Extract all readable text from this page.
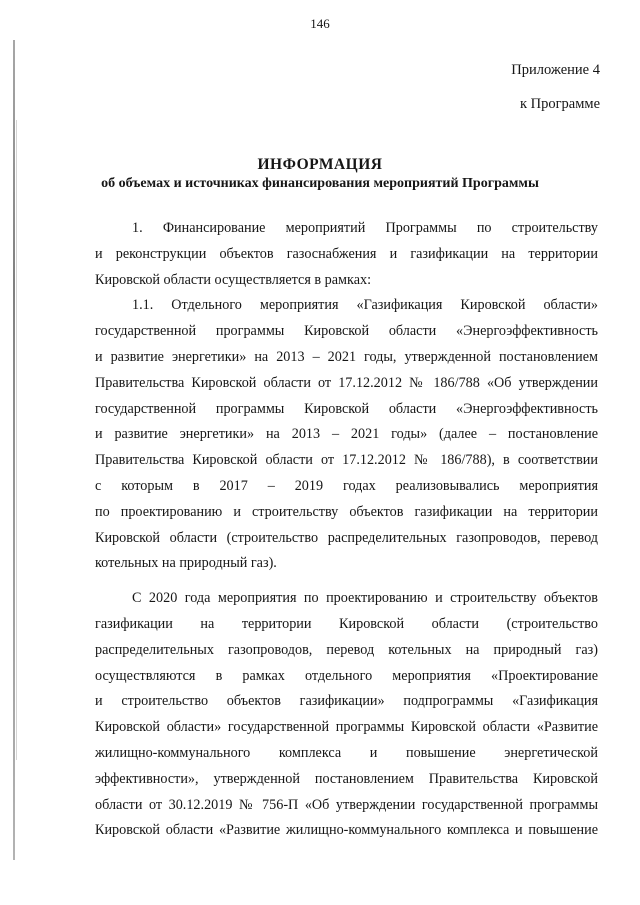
146
Приложение 4
к Программе
ИНФОРМАЦИЯ
об объемах и источниках финансирования мероприятий Программы
1. Финансирование мероприятий Программы по строительству
и реконструкции объектов газоснабжения и газификации на территории
Кировской области осуществляется в рамках:
1.1. Отдельного мероприятия «Газификация Кировской области»
государственной программы Кировской области «Энергоэффективность
и развитие энергетики» на 2013 – 2021 годы, утвержденной постановлением
Правительства Кировской области от 17.12.2012 № 186/788 «Об утверждении
государственной программы Кировской области «Энергоэффективность
и развитие энергетики» на 2013 – 2021 годы» (далее – постановление
Правительства Кировской области от 17.12.2012 № 186/788), в соответствии
с которым в 2017 – 2019 годах реализовывались мероприятия
по проектированию и строительству объектов газификации на территории
Кировской области (строительство распределительных газопроводов, перевод
котельных на природный газ).
С 2020 года мероприятия по проектированию и строительству объектов
газификации на территории Кировской области (строительство
распределительных газопроводов, перевод котельных на природный газ)
осуществляются в рамках отдельного мероприятия «Проектирование
и строительство объектов газификации» подпрограммы «Газификация
Кировской области» государственной программы Кировской области «Развитие
жилищно-коммунального комплекса и повышение энергетической
эффективности», утвержденной постановлением Правительства Кировской
области от 30.12.2019 № 756-П «Об утверждении государственной программы
Кировской области «Развитие жилищно-коммунального комплекса и повышение
